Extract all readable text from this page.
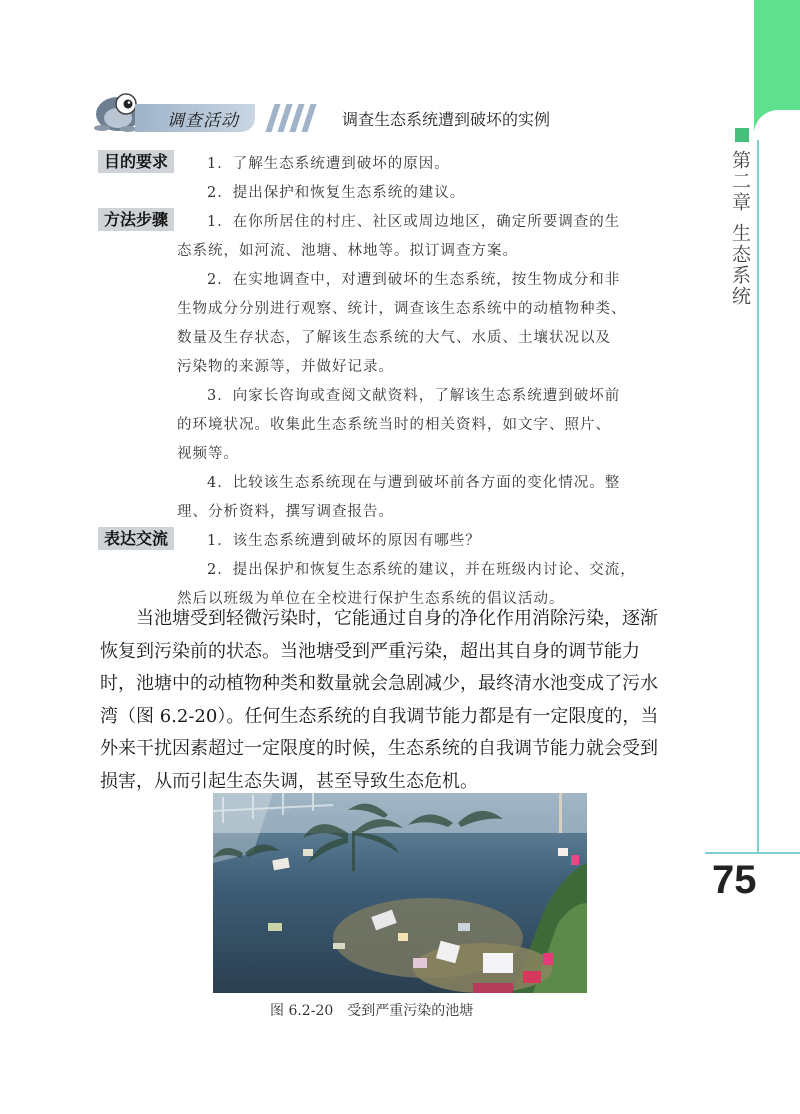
第二章生态系统
75
调查活动	调查生态系统遭到破坏的实例
目的要求	1．了解生态系统遭到破坏的原因。
2．提出保护和恢复生态系统的建议。
方法步骤	1．在你所居住的村庄、社区或周边地区，确定所要调查的生
态系统，如河流、池塘、林地等。拟订调查方案。
2．在实地调查中，对遭到破坏的生态系统，按生物成分和非
生物成分分别进行观察、统计，调查该生态系统中的动植物种类、
数量及生存状态，了解该生态系统的大气、水质、土壤状况以及
污染物的来源等，并做好记录。
3．向家长咨询或查阅文献资料，了解该生态系统遭到破坏前
的环境状况。收集此生态系统当时的相关资料，如文字、照片、
视频等。
4．比较该生态系统现在与遭到破坏前各方面的变化情况。整
理、分析资料，撰写调查报告。
表达交流	1．该生态系统遭到破坏的原因有哪些？
2．提出保护和恢复生态系统的建议，并在班级内讨论、交流，
然后以班级为单位在全校进行保护生态系统的倡议活动。

当池塘受到轻微污染时，它能通过自身的净化作用消除污染，逐渐恢复到污染前的状态。当池塘受到严重污染，超出其自身的调节能力时，池塘中的动植物种类和数量就会急剧减少，最终清水池变成了污水湾（图 6.2-20）。任何生态系统的自我调节能力都是有一定限度的，当外来干扰因素超过一定限度的时候，生态系统的自我调节能力就会受到损害，从而引起生态失调，甚至导致生态危机。

图 6.2-20 受到严重污染的池塘
